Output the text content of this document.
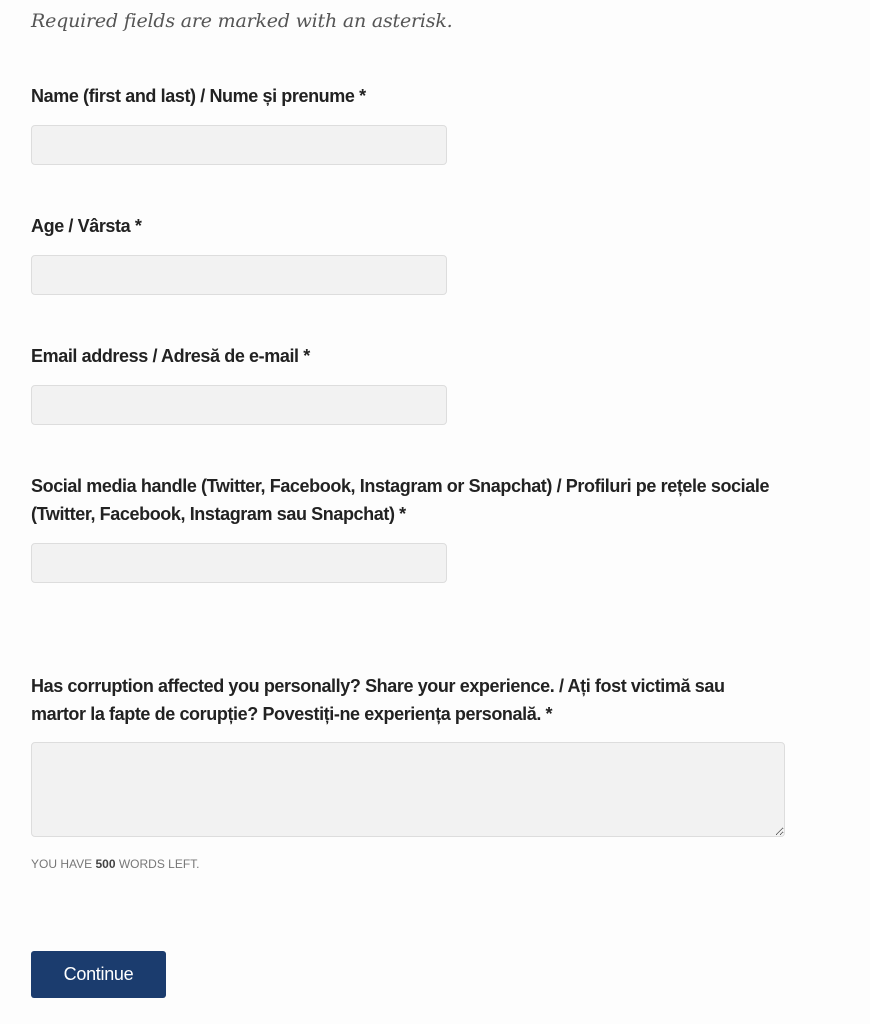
Required fields are marked with an asterisk.
Name (first and last) / Nume și prenume *
Age / Vârsta *
Email address / Adresă de e-mail *
Social media handle (Twitter, Facebook, Instagram or Snapchat) / Profiluri pe rețele sociale (Twitter, Facebook, Instagram sau Snapchat) *
Has corruption affected you personally? Share your experience. / Ați fost victimă sau martor la fapte de corupție? Povestiți-ne experiența personală. *
YOU HAVE 500 WORDS LEFT.
Continue
